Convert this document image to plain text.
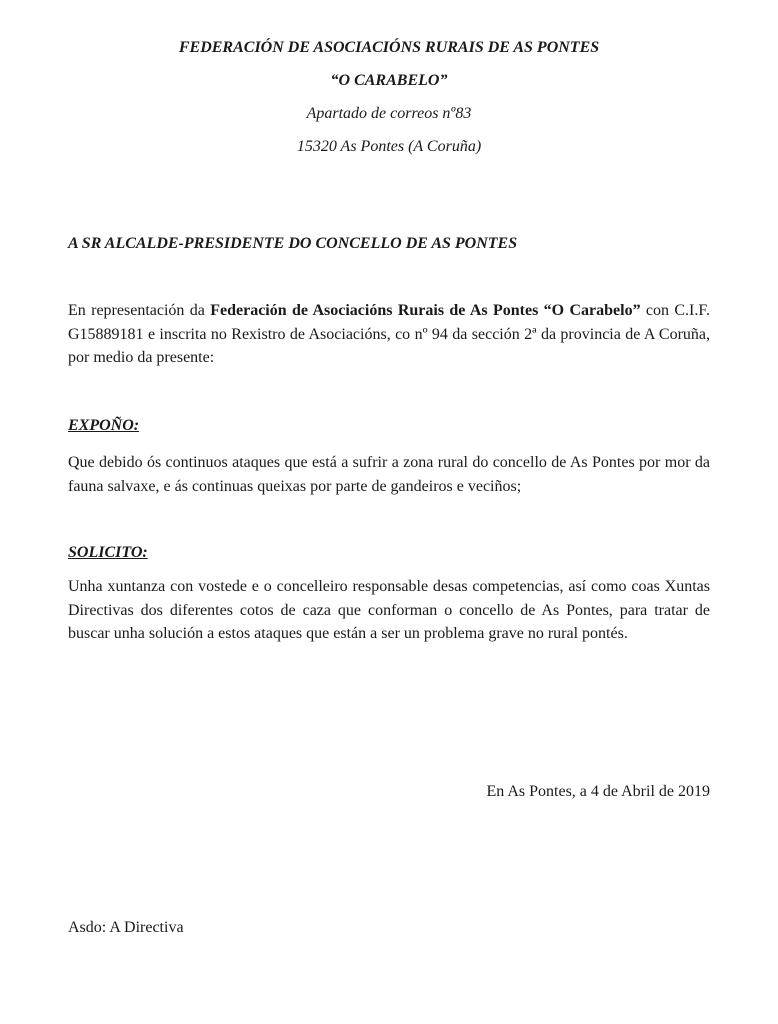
FEDERACIÓN DE ASOCIACIÓNS RURAIS DE AS PONTES
“O CARABELO”
Apartado de correos nº83
15320 As Pontes (A Coruña)
A SR ALCALDE-PRESIDENTE DO CONCELLO DE AS PONTES
En representación da Federación de Asociacións Rurais de As Pontes “O Carabelo” con C.I.F. G15889181 e inscrita no Rexistro de Asociacións, co nº 94 da sección 2ª da provincia de A Coruña, por medio da presente:
EXPOÑO:
Que debido ós continuos ataques que está a sufrir a zona rural do concello de As Pontes por mor da fauna salvaxe, e ás continuas queixas por parte de gandeiros e veciños;
SOLICITO:
Unha xuntanza con vostede e o concelleiro responsable desas competencias, así como coas Xuntas Directivas dos diferentes cotos de caza que conforman o concello de As Pontes, para tratar de buscar unha solución a estos ataques que están a ser un problema grave no rural pontés.
En As Pontes, a 4 de Abril de 2019
Asdo: A Directiva
